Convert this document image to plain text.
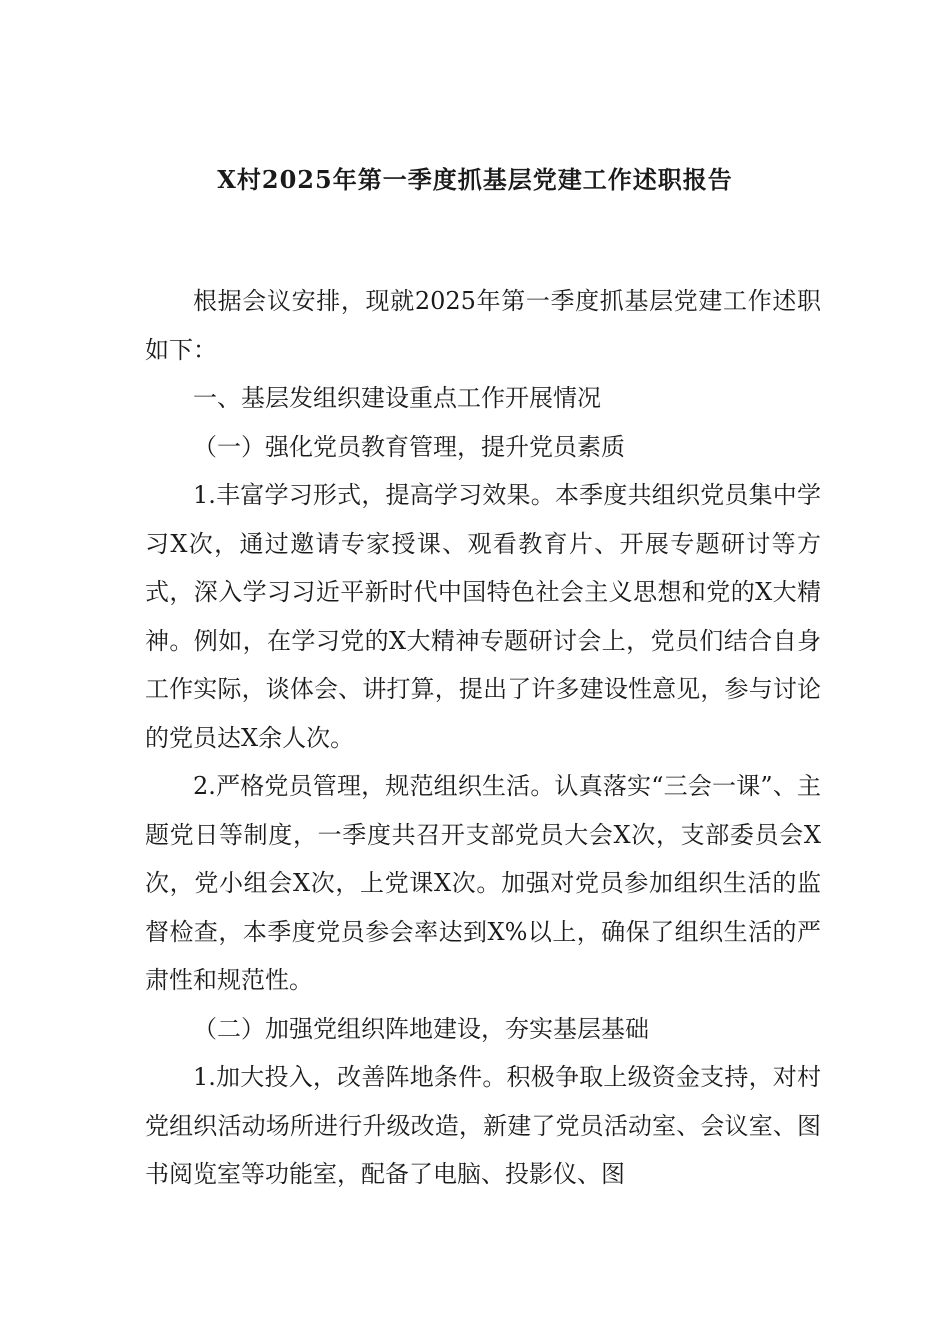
X村2025年第一季度抓基层党建工作述职报告

根据会议安排，现就2025年第一季度抓基层党建工作述职如下：

一、基层发组织建设重点工作开展情况

（一）强化党员教育管理，提升党员素质

1.丰富学习形式，提高学习效果。本季度共组织党员集中学习X次，通过邀请专家授课、观看教育片、开展专题研讨等方式，深入学习习近平新时代中国特色社会主义思想和党的X大精神。例如，在学习党的X大精神专题研讨会上，党员们结合自身工作实际，谈体会、讲打算，提出了许多建设性意见，参与讨论的党员达X余人次。

2.严格党员管理，规范组织生活。认真落实“三会一课”、主题党日等制度，一季度共召开支部党员大会X次，支部委员会X次，党小组会X次，上党课X次。加强对党员参加组织生活的监督检查，本季度党员参会率达到X%以上，确保了组织生活的严肃性和规范性。

（二）加强党组织阵地建设，夯实基层基础

1.加大投入，改善阵地条件。积极争取上级资金支持，对村党组织活动场所进行升级改造，新建了党员活动室、会议室、图书阅览室等功能室，配备了电脑、投影仪、图
